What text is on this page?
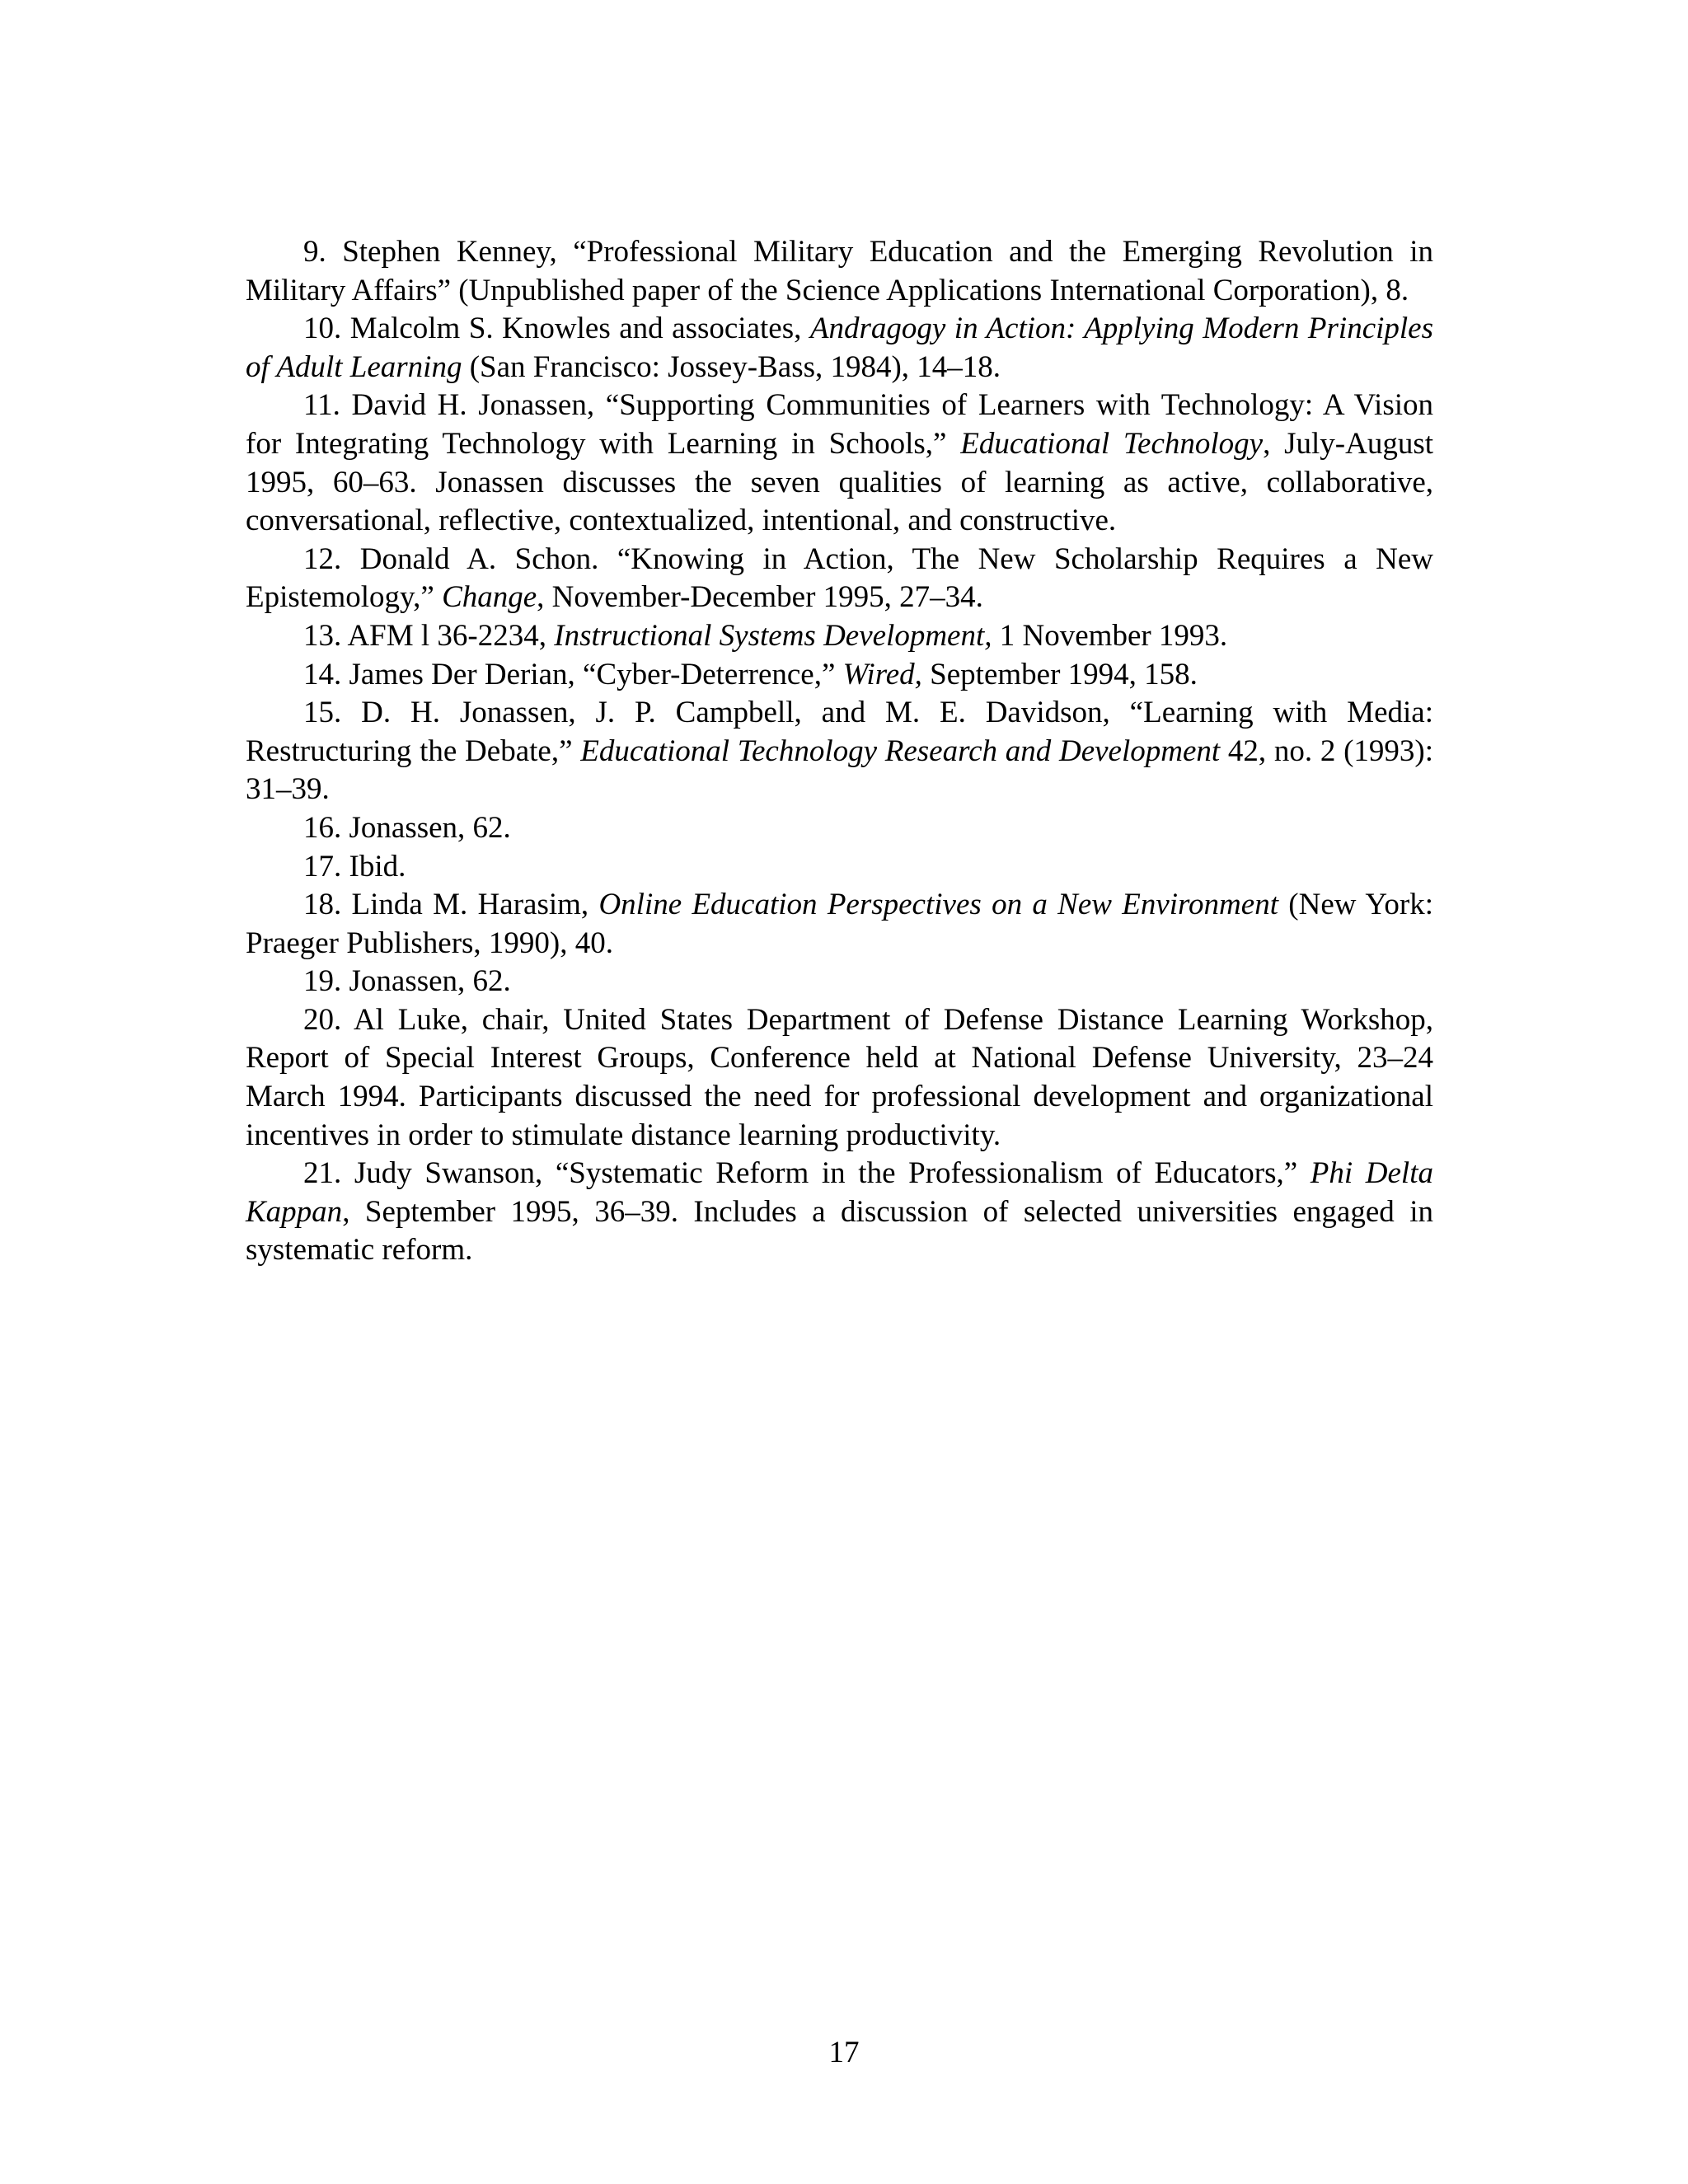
9. Stephen Kenney, “Professional Military Education and the Emerging Revolution in Military Affairs” (Unpublished paper of the Science Applications International Corporation), 8.

10. Malcolm S. Knowles and associates, Andragogy in Action: Applying Modern Principles of Adult Learning (San Francisco: Jossey-Bass, 1984), 14–18.

11. David H. Jonassen, “Supporting Communities of Learners with Technology: A Vision for Integrating Technology with Learning in Schools,” Educational Technology, July-August 1995, 60–63. Jonassen discusses the seven qualities of learning as active, collaborative, conversational, reflective, contextualized, intentional, and constructive.

12. Donald A. Schon. “Knowing in Action, The New Scholarship Requires a New Epistemology,” Change, November-December 1995, 27–34.

13. AFM l 36-2234, Instructional Systems Development, 1 November 1993.

14. James Der Derian, “Cyber-Deterrence,” Wired, September 1994, 158.

15. D. H. Jonassen, J. P. Campbell, and M. E. Davidson, “Learning with Media: Restructuring the Debate,” Educational Technology Research and Development 42, no. 2 (1993): 31–39.

16. Jonassen, 62.

17. Ibid.

18. Linda M. Harasim, Online Education Perspectives on a New Environment (New York: Praeger Publishers, 1990), 40.

19. Jonassen, 62.

20. Al Luke, chair, United States Department of Defense Distance Learning Workshop, Report of Special Interest Groups, Conference held at National Defense University, 23–24 March 1994. Participants discussed the need for professional development and organizational incentives in order to stimulate distance learning productivity.

21. Judy Swanson, “Systematic Reform in the Professionalism of Educators,” Phi Delta Kappan, September 1995, 36–39. Includes a discussion of selected universities engaged in systematic reform.

17
